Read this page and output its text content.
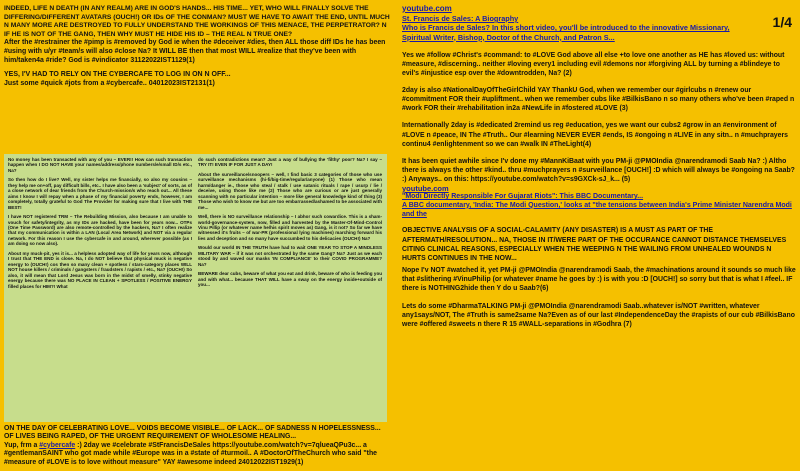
INDEED, LIFE N DEATH (IN ANY REALM) ARE IN GOD'S HANDS... HIS TIME... YET, WHO WILL FINALLY SOLVE THE DIFFERING/DIFFERENT AVATARS (OUCH!) OR IDs OF THE CONMAN? MUST WE HAVE TO AWAIT THE END, UNTIL MUCH N MANY MORE ARE DESTROYED TO FULLY UNDERSTAND THE WORKINGS OF THIS MENACE, THE PERPETRATOR? N IF HE IS NOT OF THE GANG, THEN WHY MUST HE HIDE HIS ID – THE REAL N TRUE ONE?

After the #restrainer the #pimp is #removed by God ie when the #deceiver #dies, then ALL those diff IDs he has been #using with u/yr #team/s will also #close Na? It WILL BE then that most WILL #realize that they've been with him/taken4a #ride? God is #vindicator 31122022IST1129(1)

YES, I'V HAD TO RELY ON THE CYBERCAFE TO LOG IN ON N OFF...

Just some #quick #jots from a #cybercafe.. 04012023IST2131(1)

No money has been transacted with any of you – EVER!! How can such transaction happen when I DO NOT HAVE your names/address/phone numbers/e/small ID/s etc., Na?

So then how do I live? Well, my sister helps me financially, so also my cousins – they help me on+off, pay difficult bills, etc.. I have also been a 'subject' of sorts, as of a close network of dear friends from the Church-mission/s who reach out... All these aims I know I will repay when a phase of my financial poverty ends, however, I am completely, totally grateful to God The Provider for making sure that I live with THE BEST!

I have NOT registered TRM – The Rebuilding Mission, also because I am unable to vouch for safety/integrity, as my IDs are hacked, have been for years now... OTPs (One Time Password) are also remote-controlled by the hackers, Na? I often realize that my communication is within a LAN (Local Area Network) and NOT via a regular network. For this reason I use the cybercafe in and around, wherever possible (as I am doing so now also).

About my muck-pit, yes it is... a helpless adopted way of life for years now, although I trust that THE END is close. Na, I do NOT believe that physical muck is negative energy to (OUCH!) cos then so many clean + spotless / stars-category places WILL NOT house killers / criminals / gangsters / fraudsters / rapists / etc., Na? (OUCH!) So also, it will mean that Lord Jesus was born in the midst of smelly, stinky negative energy because there was NO PLACE IN CLEAN + SPOTLESS / POSITIVE ENERGY filled places for HIM?! What

do such contradictions mean? Just a way of bullying the 'filthy' poor? Na? I say – TRY IT! EVEN IF FOR JUST A DAY!

About the surveillance/snoopers – well, I find basic 3 categories of those who use surveillance mechanisms (hi-fi/big-time/regular/anyone) (1) Those who mean harm/danger ie., those who steal / stalk / use satanic rituals / rape / usurp / lie / deceive, using those like me (2) Those who are curious or are just generally scanning with no particular intention – more like general knowledge kind of thing (3) Those who wish to know me but are too embarrassed/ashamed to be associated with me...

Well, there is NO surveillance relationship – I abhor such cowardice. This is a sham-world-governance-system, now, filled and harvested by the Master-Of-Mind-Control Vinu Pillip (or whatever name he/his spirit moves as) Gang, is it not? So far we have witnessed it's fruits – of war-PR (professional lying machines) marching forward his lies and deception and so many have succumbed to his delicacies (OUCH!) Na?

Would our world IN THE TRUTH have had to wait ONE YEAR TO STOP A MINDLESS MILITARY WAR – if it was not orchestrated by the same Gang? Na? Just as we each stood by and waved our masks 'IN COMPLIANCE' to their COVID PROGRAMME? Na?

BEWARE dear cubs, beware of what you eat and drink, beware of who is feeding you and with what... because THAT WILL have a sway on the energy inside+outside of you...

ON THE DAY OF CELEBRATING LOVE... VOIDS BECOME VISIBLE... OF LACK... OF SADNESS N HOPELESSNESS... OF LIVES BEING RAPED, OF THE URGENT REQUIREMENT OF WHOLESOME HEALING...

Yup, frm a #cybercafe :) 2day we #celebrate #StFrancisDeSales https://youtube.com/watch?v=7qlueaQPu3c... a #gentlemanSAINT who got made while #Europe was in a #state of #turmoil.. A #DoctorOfTheChurch who said "the #measure of #LOVE is to love without measure" YAY #awesome indeed 24012022IST1929(1)

youtube.com

St. Francis de Sales: A Biography

Who is Francis de Sales? In this short video, you'll be introduced to the innovative Missionary, Spiritual Writer, Bishop, Doctor of the Church, and Patron S...

Yes we #follow #Christ's #command: to #LOVE God above all else +to love one another as HE has #loved us: without #measure, #discerning.. neither #loving every1 including evil #demons nor #forgiving ALL by turning a #blindeye to evil's #injustice esp over the #downtrodden, Na? (2)

2day is also #NationalDayOfTheGirlChild YAY ThankU God, when we remember our #girlcubs n #renew our #commitment FOR their #upliftment.. when we remember cubs like #BilkisBano n so many others who've been #raped n #work FOR their #rehabilitation in2a #NewLife in #fostered #LOVE (3)

Internationally 2day is #dedicated 2remind us reg #education, yes we want our cubs2 #grow in an #environment of #LOVE n #peace, IN The #Truth.. Our #learning NEVER EVER #ends, IS #ongoing n #LIVE in any sitn.. n #muchprayers continu4 #enlightenment so we can #walk IN #TheLight(4)

It has been quiet awhile since I'v done my #MannKiBaat with you PM-ji @PMOIndia @narendramodi Saab Na? :) Altho there is always the other #kind.. thru #muchprayers n #surveillance [OUCH!] :D which will always be #ongoing na Saab? :) Anyways.. on this: https://youtube.com/watch?v=s9GXCk-sJ_k... (5)

youtube.com

"Modi Directly Responsible For Gujarat Riots": This BBC Documentary...

A BBC documentary, 'India: The Modi Question,' looks at "the tensions between India's Prime Minister Narendra Modi and the

OBJECTIVE ANALYSIS OF A SOCIAL-CALAMITY (ANY DISASTER) IS A MUST AS PART OF THE AFTERMATH/RESOLUTION... NA, THOSE IN IT/WERE PART OF THE OCCURANCE CANNOT DISTANCE THEMSELVES CITING CLINICAL REASONS, ESPECIALLY WHEN THE WEEPING N THE WAILING FROM UNHEALED WOUNDS N HURTS CONTINUES IN THE NOW...

Nope I'v NOT #watched it, yet PM-ji @PMOIndia @narendramodi Saab, the #machinations around it sounds so much like that #slithering #VinuPhilip (or whatever #name he goes by :) is with you :D [OUCH!] so sorry but that is what I #feel.. IF there is NOTHING2hide then Y do u Saab?(6)

Lets do some #DharmaTALKING PM-ji @PMOIndia @narendramodi Saab..whatever is/NOT #written, whatever any1says/NOT, The #Truth is same2same Na?Even as of our last #IndependenceDay the #rapists of our cub #BilkisBano were #offered #sweets n there R 15 #WALL-separations in #Godhra (7)

1/4
